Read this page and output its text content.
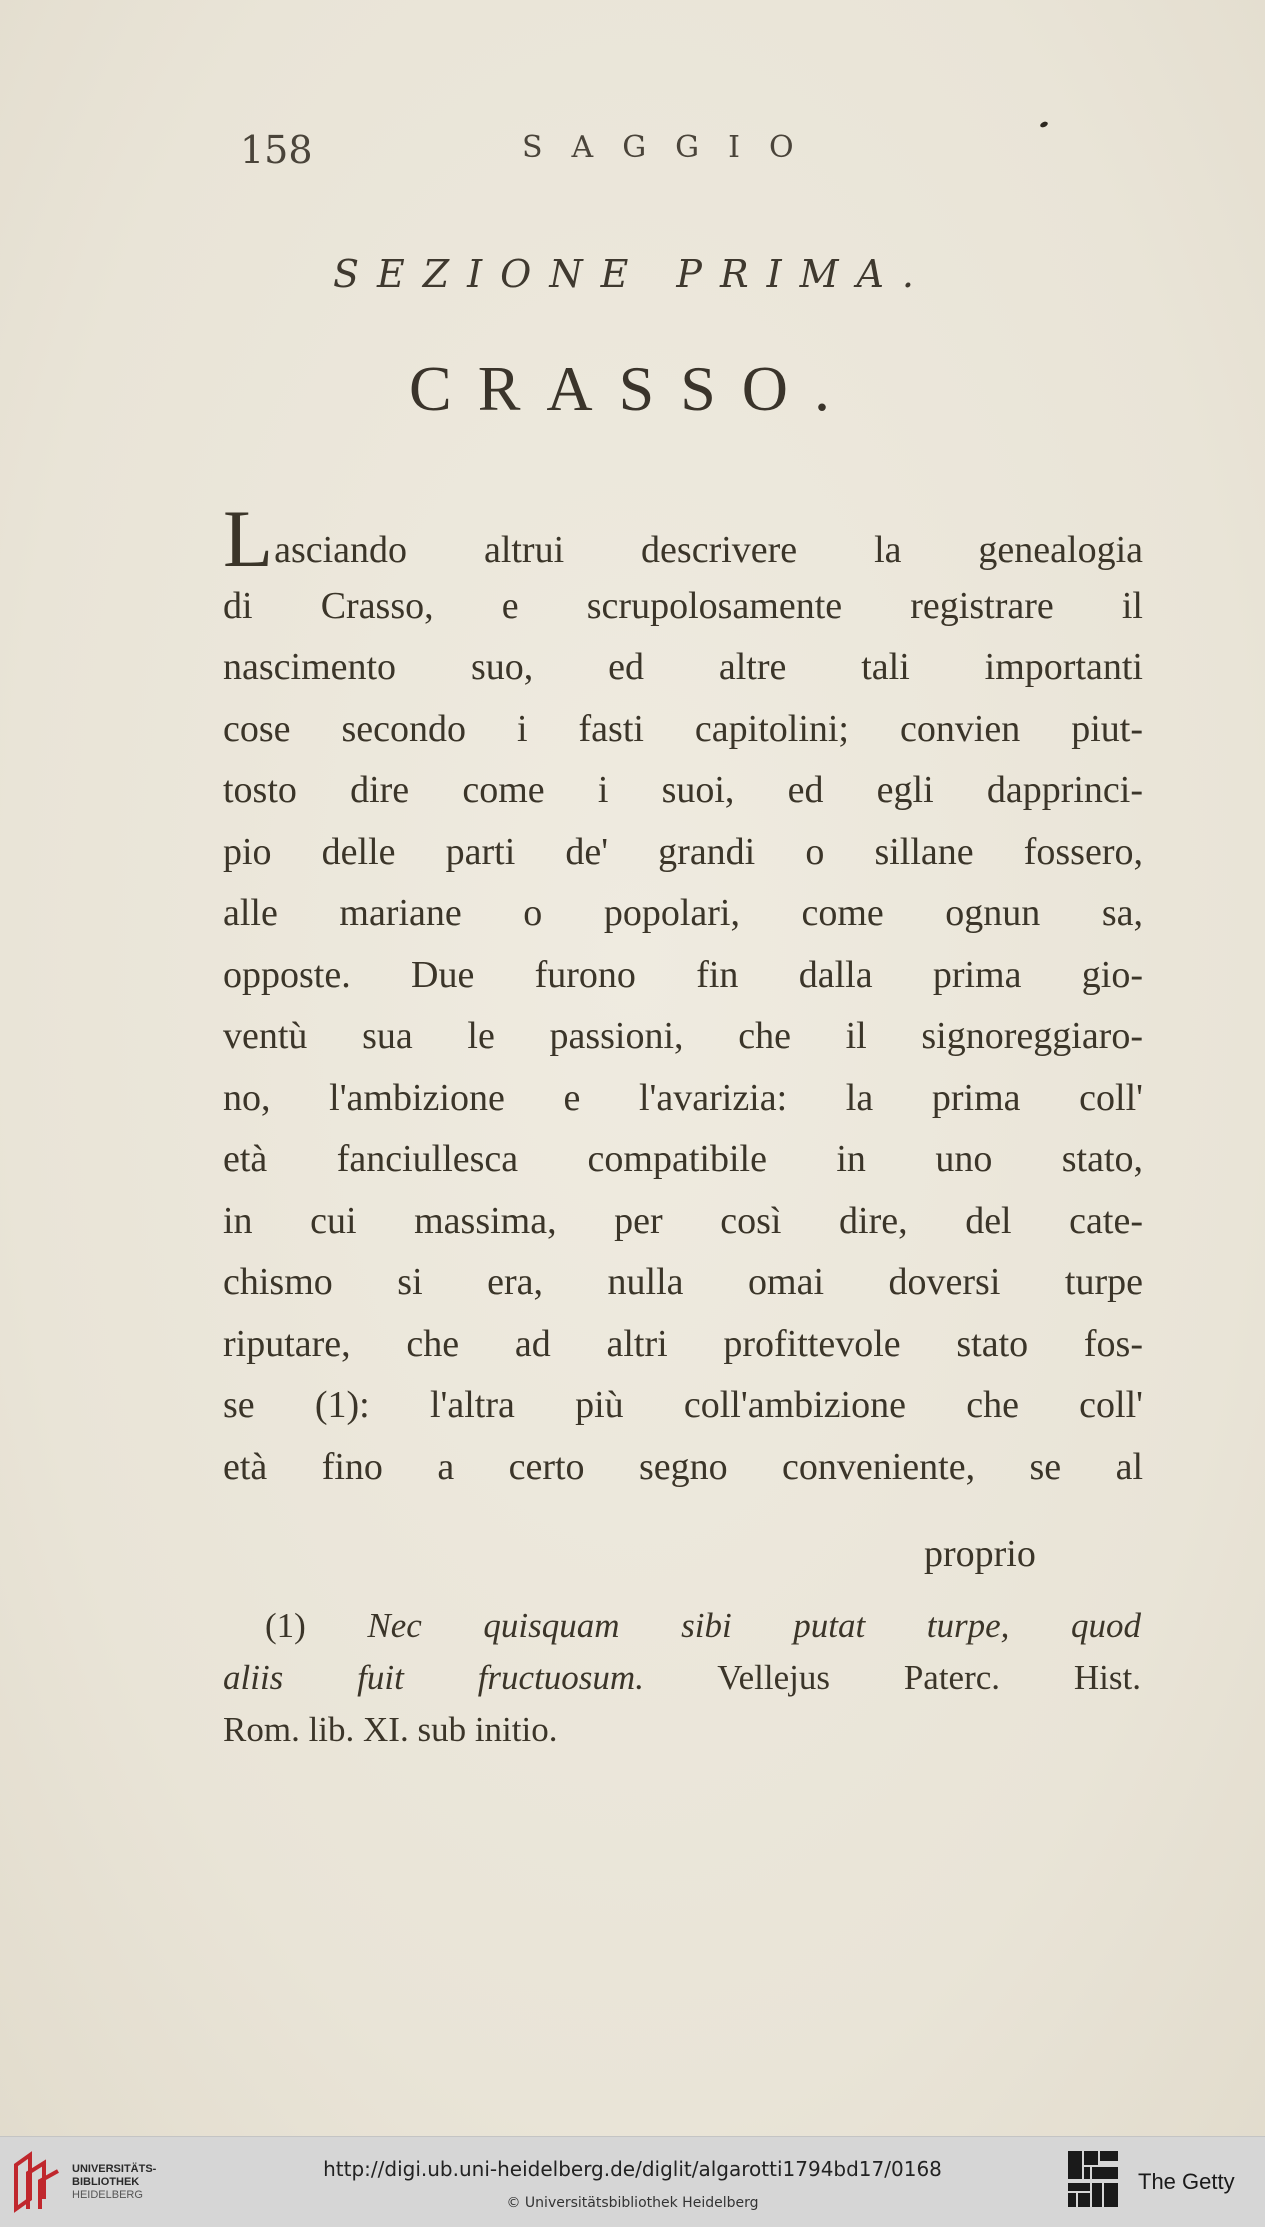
158	SAGGIO
SEZIONE PRIMA.
CRASSO.
Lasciando altrui descrivere la genealogia
di Crasso, e scrupolosamente registrare il
nascimento suo, ed altre tali importanti
cose secondo i fasti capitolini; convien piut-
tosto dire come i suoi, ed egli dapprinci-
pio delle parti de' grandi o sillane fossero,
alle mariane o popolari, come ognun sa,
opposte. Due furono fin dalla prima gio-
ventù sua le passioni, che il signoreggiaro-
no, l'ambizione e l'avarizia: la prima coll'
età fanciullesca compatibile in uno stato,
in cui massima, per così dire, del cate-
chismo si era, nulla omai doversi turpe
riputare, che ad altri profittevole stato fos-
se (1): l'altra più coll'ambizione che coll'
età fino a certo segno conveniente, se al
proprio
(1) Nec quisquam sibi putat turpe, quod
aliis fuit fructuosum. Vellejus Paterc. Hist.
Rom. lib. XI. sub initio.
UNIVERSITÄTS-
BIBLIOTHEK
HEIDELBERG
http://digi.ub.uni-heidelberg.de/diglit/algarotti1794bd17/0168
© Universitätsbibliothek Heidelberg
The Getty
